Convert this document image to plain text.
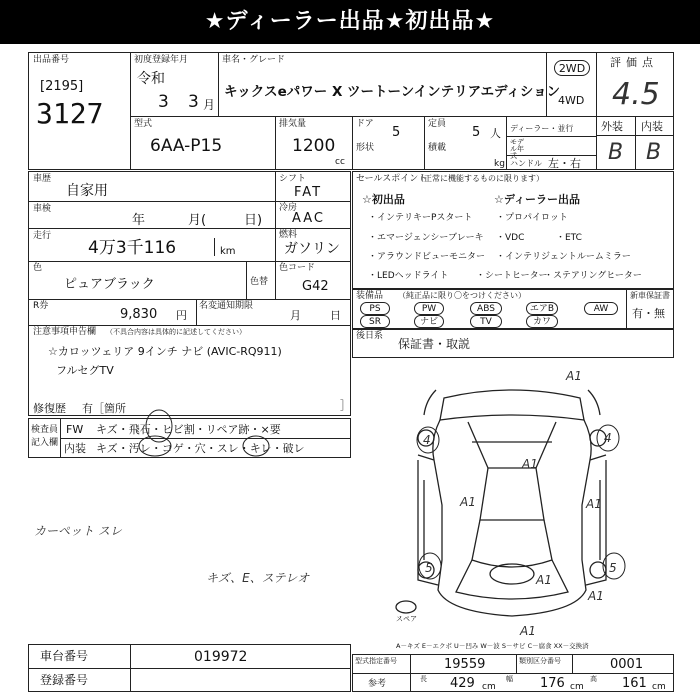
★ディーラー出品★初出品★
出品番号
[2195]
3127
初度登録年月
令和
3 3 月
車名・グレード
キックスeパワー X ツートーンインテリアエディション
2WD
4WD
評価点
4.5
外装 内装
B B
型式
6AA-P15
排気量
1200
cc
ドア
5
定員
5 人
形状	積載
kg
ディーラー・並行
モデル年式
ハンドル 左・右
車歴
自家用
車検
年	月(	日)
走行
4万3千116	km
シフト
FAT
冷房
AAC
燃料
ガソリン
色
ピュアブラック	色替
色コード
G42
R券
9,830 円
名変通知期限
月	日
注意事項申告欄 （不具合内容は具体的に記述してください）
☆カロッツェリア 9インチ ナビ (AVIC-RQ911)
フルセグTV
修復歴 有［箇所	］
セールスポイント
（正常に機能するものに限ります）
☆初出品	☆ディーラー出品
・インテリキーPスタート	・プロパイロット
・エマージェンシーブレーキ ・VDC	・ETC
・アラウンドビューモニター ・インテリジェントルームミラー
・LEDヘッドライト	・シートヒーター
・ステアリングヒーター
装備品 （純正品に限り〇をつけください）
PS	PW	ABS	エアB	AW
SR	ナビ	TV	カワ
新車保証書
有・無
後日系
保証書・取説
検査員記入欄
FW キズ・飛石・ヒビ割・リペア跡・×要
内装 キズ・汚レ・コゲ・穴・スレ・キレ・破レ
カーペット スレ
キズ、E、ステレオ
A1
A1
A1	A1
A1
A1
A1
4	4
5	5
スペア
A－キズ E－エクボ U－凹み W－波 S－サビ C－腐食 XX－交換済
車台番号	019972
登録番号
型式指定番号	19559	類別区分番号	0001
参考	長 429 cm
幅 176 cm
高 161 cm
